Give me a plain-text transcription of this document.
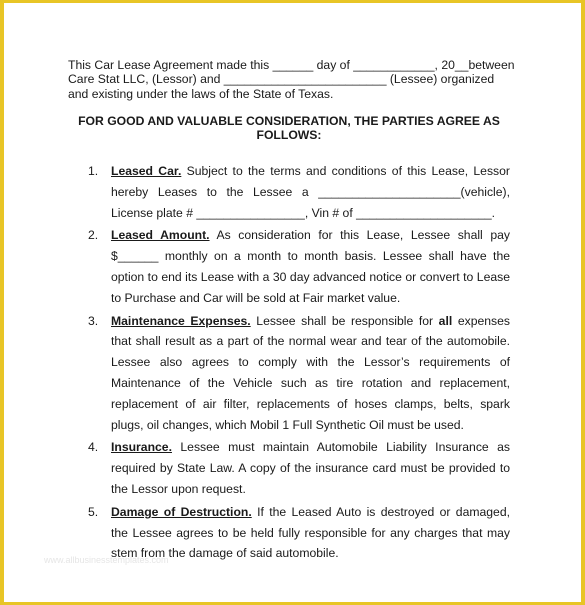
This Car Lease Agreement made this ______ day of ____________, 20__between
Care Stat LLC, (Lessor) and ________________________ (Lessee) organized
and existing under the laws of the State of Texas.
FOR GOOD AND VALUABLE CONSIDERATION, THE PARTIES AGREE AS
FOLLOWS:
1.	Leased Car. Subject to the terms and conditions of this Lease, Lessor hereby Leases to the Lessee a _____________________(vehicle), License plate # ________________, Vin # of ____________________.
2.	Leased Amount. As consideration for this Lease, Lessee shall pay $______ monthly on a month to month basis. Lessee shall have the option to end its Lease with a 30 day advanced notice or convert to Lease to Purchase and Car will be sold at Fair market value.
3.	Maintenance Expenses. Lessee shall be responsible for all expenses that shall result as a part of the normal wear and tear of the automobile. Lessee also agrees to comply with the Lessor’s requirements of Maintenance of the Vehicle such as tire rotation and replacement, replacement of air filter, replacements of hoses clamps, belts, spark plugs, oil changes, which Mobil 1 Full Synthetic Oil must be used.
4.	Insurance. Lessee must maintain Automobile Liability Insurance as required by State Law. A copy of the insurance card must be provided to the Lessor upon request.
5.	Damage of Destruction. If the Leased Auto is destroyed or damaged, the Lessee agrees to be held fully responsible for any charges that may stem from the damage of said automobile.
www.allbusinesstemplates.com
